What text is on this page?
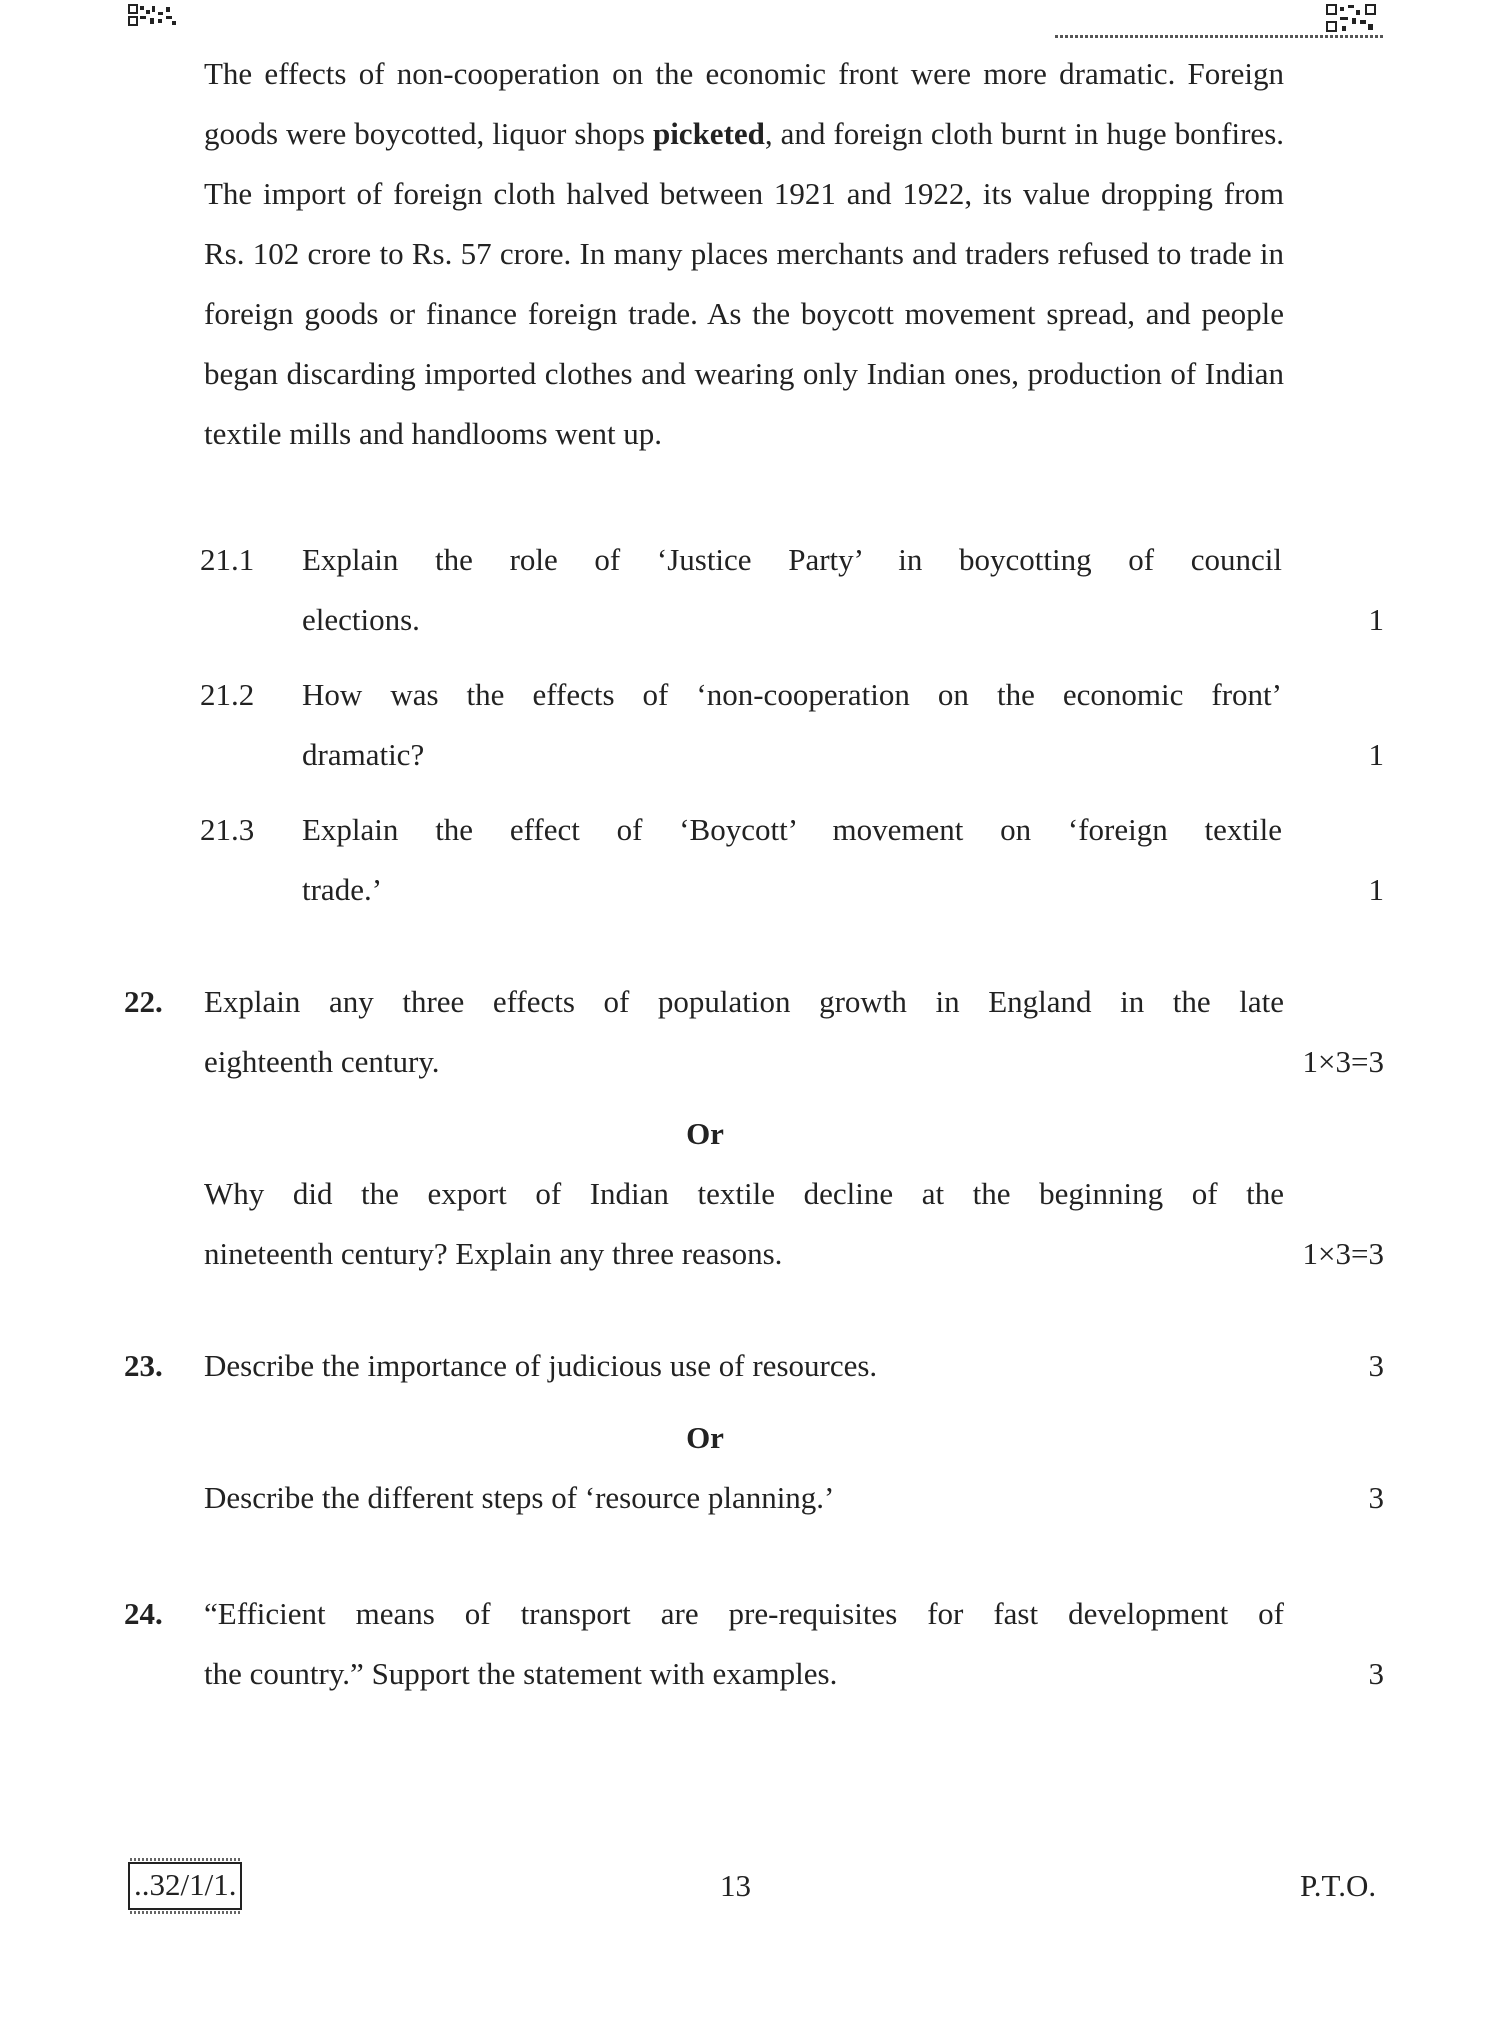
The effects of non-cooperation on the economic front were more dramatic. Foreign goods were boycotted, liquor shops picketed, and foreign cloth burnt in huge bonfires. The import of foreign cloth halved between 1921 and 1922, its value dropping from Rs. 102 crore to Rs. 57 crore. In many places merchants and traders refused to trade in foreign goods or finance foreign trade. As the boycott movement spread, and people began discarding imported clothes and wearing only Indian ones, production of Indian textile mills and handlooms went up.
21.1	Explain the role of ‘Justice Party’ in boycotting of council
elections.	1
21.2	How was the effects of ‘non-cooperation on the economic front’
dramatic?	1
21.3	Explain the effect of ‘Boycott’ movement on ‘foreign textile
trade.’	1
22. Explain any three effects of population growth in England in the late
eighteenth century.	1×3=3
Or
Why did the export of Indian textile decline at the beginning of the
nineteenth century? Explain any three reasons.	1×3=3
23. Describe the importance of judicious use of resources.	3
Or
Describe the different steps of ‘resource planning.’	3
24. “Efficient means of transport are pre-requisites for fast development of
the country.” Support the statement with examples.	3
..32/1/1.	13	P.T.O.
